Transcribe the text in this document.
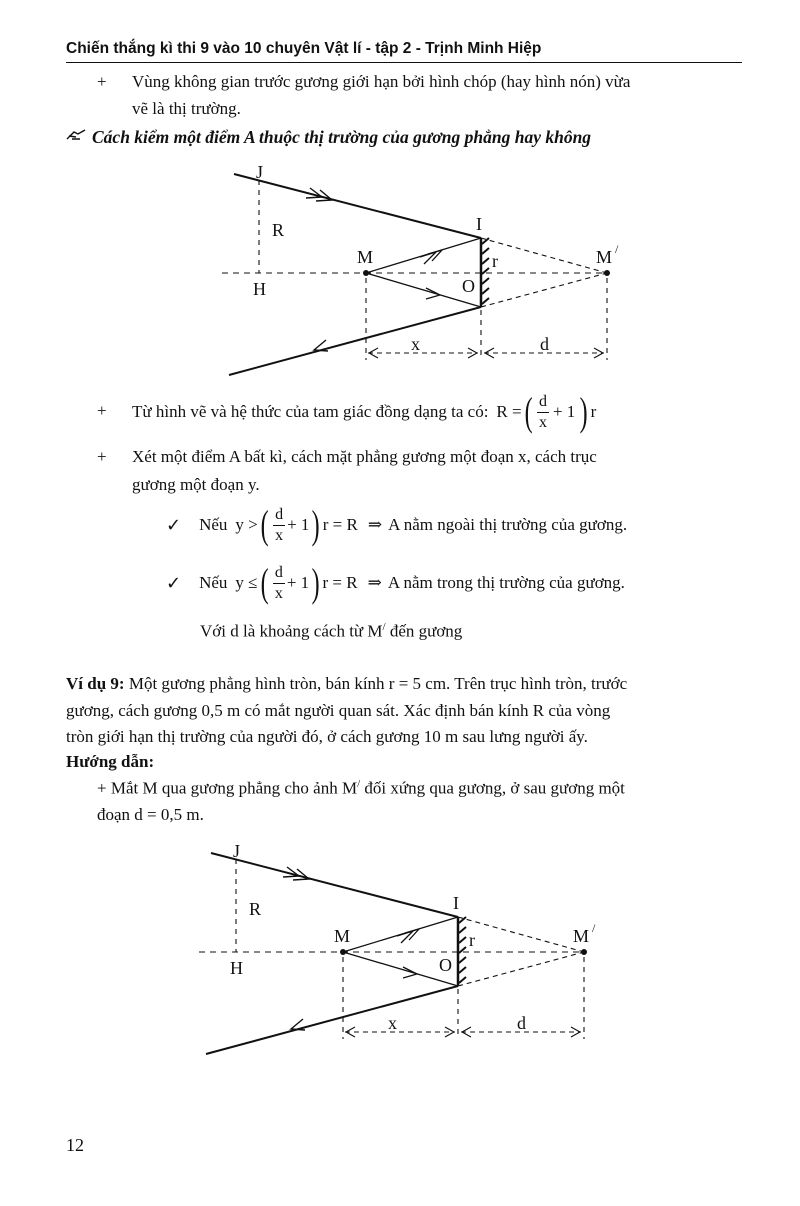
Chiến thắng kì thi 9 vào 10 chuyên Vật lí - tập 2 - Trịnh Minh Hiệp
+ Vùng không gian trước gương giới hạn bởi hình chóp (hay hình nón) vừa
vẽ là thị trường.
Cách kiểm một điểm A thuộc thị trường của gương phẳng hay không
J
R	I
M	M /
H	O
r
x	d
+ Từ hình vẽ và hệ thức của tam giác đồng dạng ta có: R
= ( $\frac{d}{x} + 1$ ) r
+ Xét một điểm A bất kì, cách mặt phẳng gương một đoạn x, cách trục
gương một đoạn y.
✓ Nếu y
> ( $\frac{d}{x} + 1$ ) r = R ⇒ A nằm ngoài thị trường của gương.
✓ Nếu y
≤ ( $\frac{d}{x} + 1$ ) r = R ⇒ A nằm trong thị trường của gương.
Với d là khoảng cách từ M/ đến gương
Ví dụ 9: Một gương phẳng hình tròn, bán kính r = 5 cm. Trên trục hình tròn, trước
gương, cách gương 0,5 m có mắt người quan sát. Xác định bán kính R của vòng
tròn giới hạn thị trường của người đó, ở cách gương 10 m sau lưng người ấy.
Hướng dẫn:
+ Mắt M qua gương phẳng cho ảnh M/ đối xứng qua gương, ở sau gương một
đoạn d = 0,5 m.
J
R	I
M	M /
H	O
r
x	d
12
